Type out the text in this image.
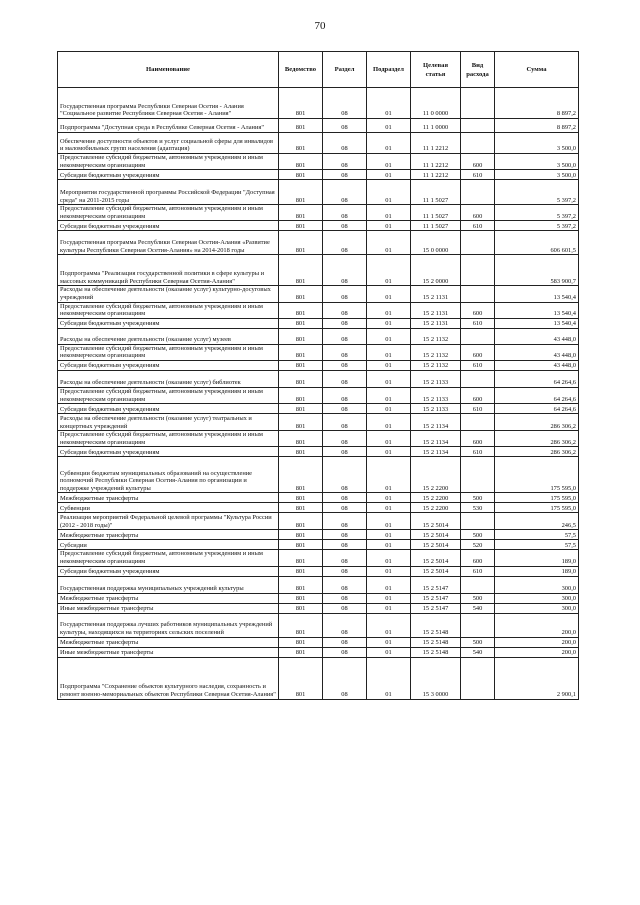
70
Наименование	Ведомство	Раздел	Подраздел	Целевая статья	Вид расхода	Сумма
Государственная программа Республики Северная Осетия - Алания "Социальное развитие Республики Северная Осетия - Алания"	801	08	01	11 0 0000		8 897,2
Подпрограмма "Доступная среда в Республике Северная Осетия - Алания"	801	08	01	11 1 0000		8 897,2
Обеспечение доступности объектов и услуг социальной сферы для инвалидов и маломобильных групп населения (адаптация)	801	08	01	11 1 2212		3 500,0
Предоставление субсидий бюджетным, автономным учреждениям и иным некоммерческим организациям	801	08	01	11 1 2212	600	3 500,0
Субсидии бюджетным учреждениям	801	08	01	11 1 2212	610	3 500,0
Мероприятия государственной программы Российской Федерации "Доступная среда" на 2011-2015 годы	801	08	01	11 1 5027		5 397,2
Предоставление субсидий бюджетным, автономным учреждениям и иным некоммерческим организациям	801	08	01	11 1 5027	600	5 397,2
Субсидии бюджетным учреждениям	801	08	01	11 1 5027	610	5 397,2
Государственная программа Республики Северная Осетия-Алания «Развитие культуры Республики Северная Осетия-Алания» на 2014-2018 годы	801	08	01	15 0 0000		606 601,5
Подпрограмма "Реализация государственной политики в сфере культуры и массовых коммуникаций Республики Северная Осетия-Алания"	801	08	01	15 2 0000		583 900,7
Расходы на обеспечение деятельности (оказание услуг) культурно-досуговых учреждений	801	08	01	15 2 1131		13 540,4
Предоставление субсидий бюджетным, автономным учреждениям и иным некоммерческим организациям	801	08	01	15 2 1131	600	13 540,4
Субсидии бюджетным учреждениям	801	08	01	15 2 1131	610	13 540,4
Расходы на обеспечение деятельности (оказание услуг) музеев	801	08	01	15 2 1132		43 448,0
Предоставление субсидий бюджетным, автономным учреждениям и иным некоммерческим организациям	801	08	01	15 2 1132	600	43 448,0
Субсидии бюджетным учреждениям	801	08	01	15 2 1132	610	43 448,0
Расходы на обеспечение деятельности (оказание услуг) библиотек	801	08	01	15 2 1133		64 264,6
Предоставление субсидий бюджетным, автономным учреждениям и иным некоммерческим организациям	801	08	01	15 2 1133	600	64 264,6
Субсидии бюджетным учреждениям	801	08	01	15 2 1133	610	64 264,6
Расходы на обеспечение деятельности (оказание услуг) театральных и концертных учреждений	801	08	01	15 2 1134		286 306,2
Предоставление субсидий бюджетным, автономным учреждениям и иным некоммерческим организациям	801	08	01	15 2 1134	600	286 306,2
Субсидии бюджетным учреждениям	801	08	01	15 2 1134	610	286 306,2
Субвенции бюджетам муниципальных образований на осуществление полномочий Республики Северная Осетия-Алания по организации и поддержке учреждений культуры	801	08	01	15 2 2200		175 595,0
Межбюджетные трансферты	801	08	01	15 2 2200	500	175 595,0
Субвенции	801	08	01	15 2 2200	530	175 595,0
Реализация мероприятий Федеральной целевой программы "Культура России (2012 - 2018 годы)"	801	08	01	15 2 5014		246,5
Межбюджетные трансферты	801	08	01	15 2 5014	500	57,5
Субсидии	801	08	01	15 2 5014	520	57,5
Предоставление субсидий бюджетным, автономным учреждениям и иным некоммерческим организациям	801	08	01	15 2 5014	600	189,0
Субсидии бюджетным учреждениям	801	08	01	15 2 5014	610	189,0
Государственная поддержка муниципальных учреждений культуры	801	08	01	15 2 5147		300,0
Межбюджетные трансферты	801	08	01	15 2 5147	500	300,0
Иные межбюджетные трансферты	801	08	01	15 2 5147	540	300,0
Государственная поддержка лучших работников муниципальных учреждений культуры, находящихся на территориях сельских поселений	801	08	01	15 2 5148		200,0
Межбюджетные трансферты	801	08	01	15 2 5148	500	200,0
Иные межбюджетные трансферты	801	08	01	15 2 5148	540	200,0
Подпрограмма "Сохранение объектов культурного наследия, сохранность и ремонт военно-мемориальных объектов Республики Северная Осетия-Алания"	801	08	01	15 3 0000		2 900,1
